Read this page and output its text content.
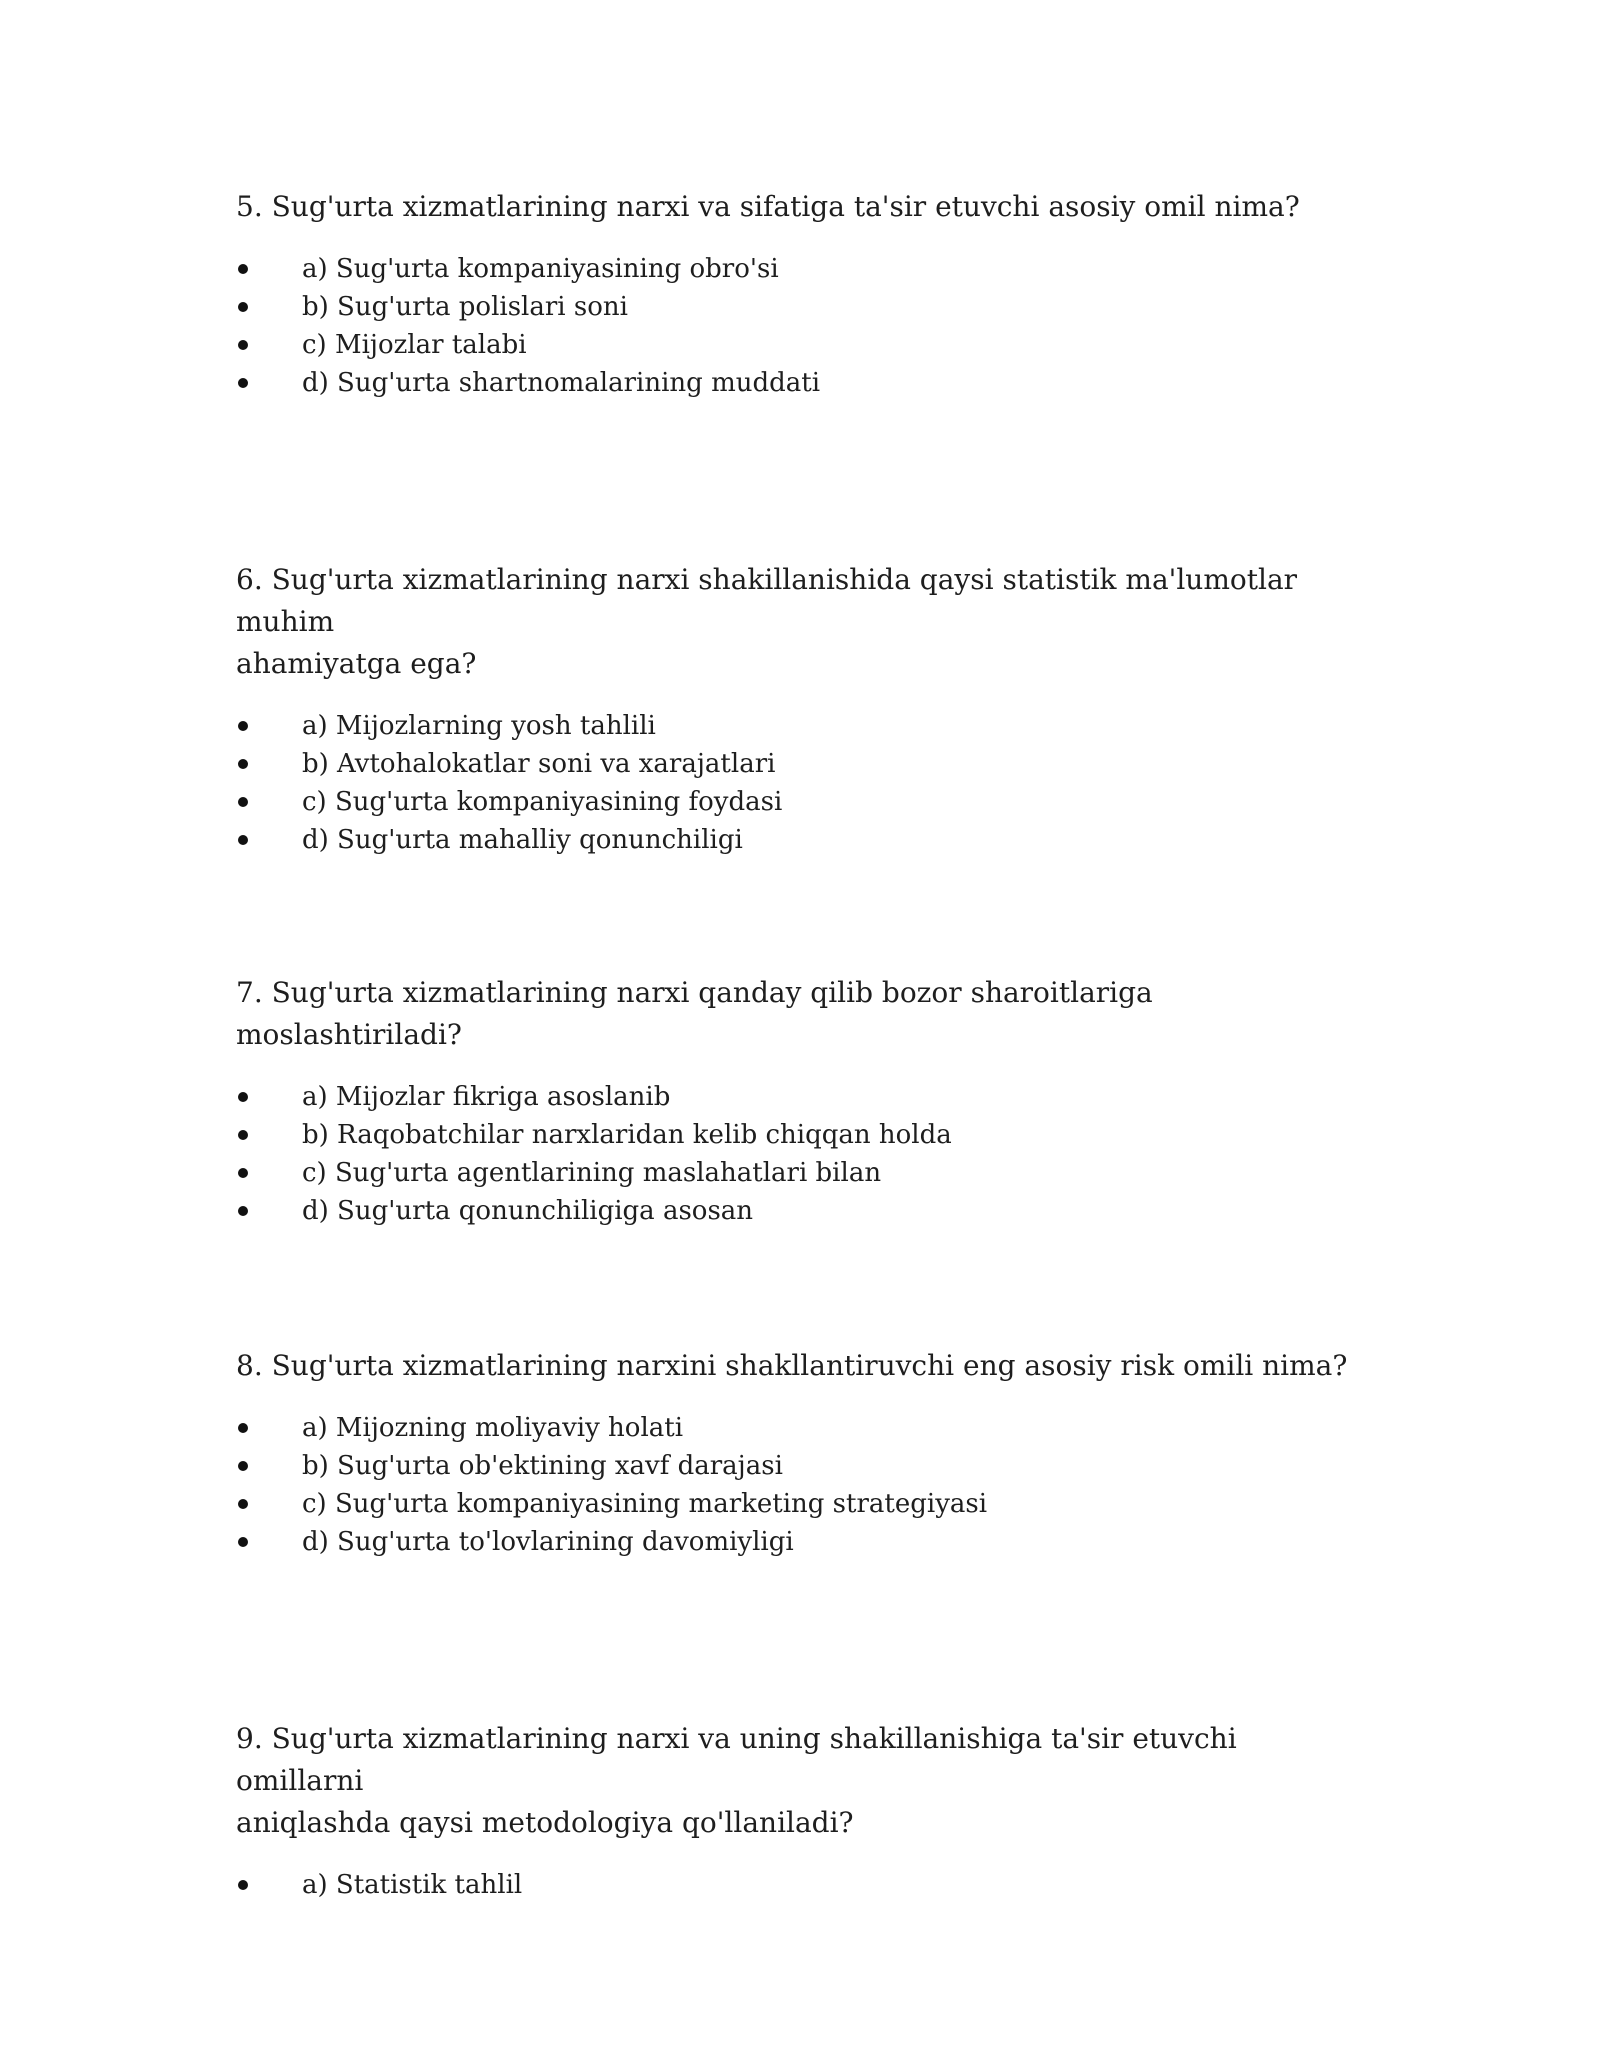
5. Sug'urta xizmatlarining narxi va sifatiga ta'sir etuvchi asosiy omil nima?

a) Sug'urta kompaniyasining obro'si
b) Sug'urta polislari soni
c) Mijozlar talabi
d) Sug'urta shartnomalarining muddati

6. Sug'urta xizmatlarining narxi shakillanishida qaysi statistik ma'lumotlar muhim
ahamiyatga ega?

a) Mijozlarning yosh tahlili
b) Avtohalokatlar soni va xarajatlari
c) Sug'urta kompaniyasining foydasi
d) Sug'urta mahalliy qonunchiligi

7. Sug'urta xizmatlarining narxi qanday qilib bozor sharoitlariga moslashtiriladi?

a) Mijozlar fikriga asoslanib
b) Raqobatchilar narxlaridan kelib chiqqan holda
c) Sug'urta agentlarining maslahatlari bilan
d) Sug'urta qonunchiligiga asosan

8. Sug'urta xizmatlarining narxini shakllantiruvchi eng asosiy risk omili nima?

a) Mijozning moliyaviy holati
b) Sug'urta ob'ektining xavf darajasi
c) Sug'urta kompaniyasining marketing strategiyasi
d) Sug'urta to'lovlarining davomiyligi

9. Sug'urta xizmatlarining narxi va uning shakillanishiga ta'sir etuvchi omillarni
aniqlashda qaysi metodologiya qo'llaniladi?

a) Statistik tahlil
